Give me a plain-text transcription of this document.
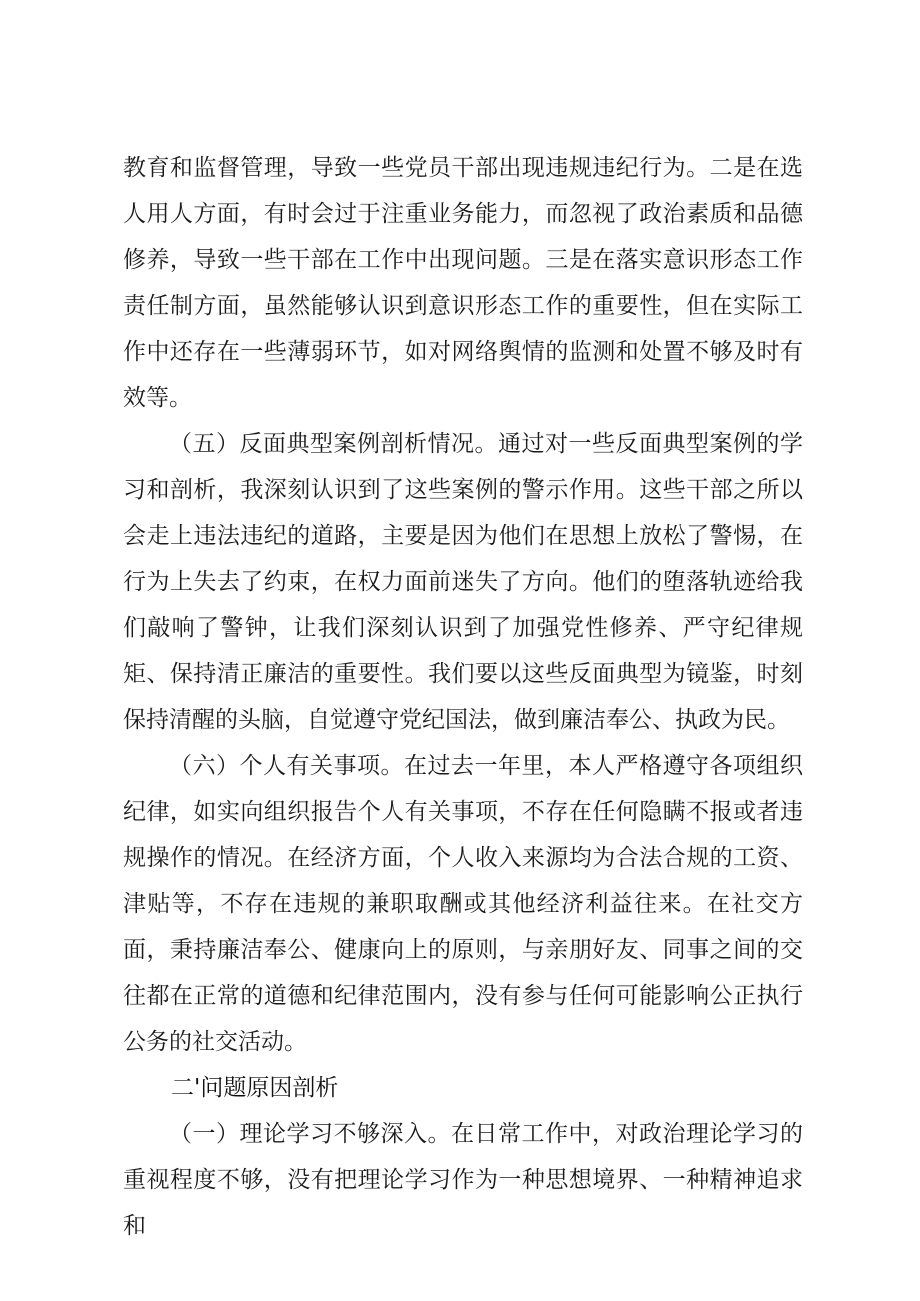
教育和监督管理，导致一些党员干部出现违规违纪行为。二是在选人用人方面，有时会过于注重业务能力，而忽视了政治素质和品德修养，导致一些干部在工作中出现问题。三是在落实意识形态工作责任制方面，虽然能够认识到意识形态工作的重要性，但在实际工作中还存在一些薄弱环节，如对网络舆情的监测和处置不够及时有效等。

（五）反面典型案例剖析情况。通过对一些反面典型案例的学习和剖析，我深刻认识到了这些案例的警示作用。这些干部之所以会走上违法违纪的道路，主要是因为他们在思想上放松了警惕，在行为上失去了约束，在权力面前迷失了方向。他们的堕落轨迹给我们敲响了警钟，让我们深刻认识到了加强党性修养、严守纪律规矩、保持清正廉洁的重要性。我们要以这些反面典型为镜鉴，时刻保持清醒的头脑，自觉遵守党纪国法，做到廉洁奉公、执政为民。

（六）个人有关事项。在过去一年里，本人严格遵守各项组织纪律，如实向组织报告个人有关事项，不存在任何隐瞒不报或者违规操作的情况。在经济方面，个人收入来源均为合法合规的工资、津贴等，不存在违规的兼职取酬或其他经济利益往来。在社交方面，秉持廉洁奉公、健康向上的原则，与亲朋好友、同事之间的交往都在正常的道德和纪律范围内，没有参与任何可能影响公正执行公务的社交活动。

二'问题原因剖析

（一）理论学习不够深入。在日常工作中，对政治理论学习的重视程度不够，没有把理论学习作为一种思想境界、一种精神追求和
